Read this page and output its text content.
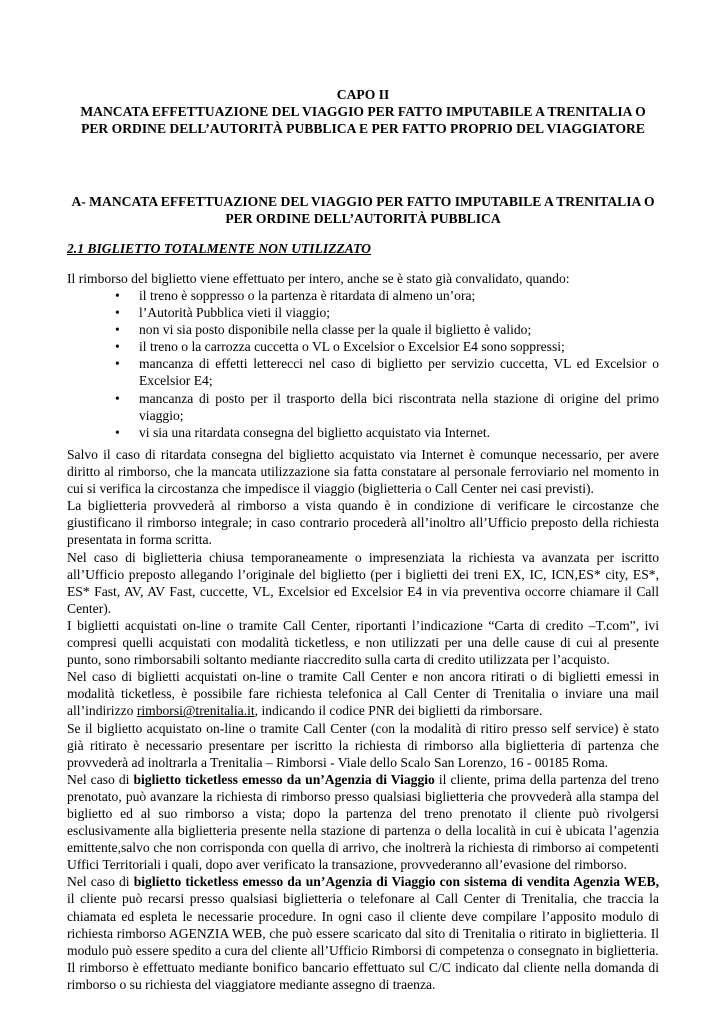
CAPO II
MANCATA EFFETTUAZIONE DEL VIAGGIO PER FATTO IMPUTABILE A TRENITALIA O PER ORDINE DELL’AUTORITÀ PUBBLICA E PER FATTO PROPRIO DEL VIAGGIATORE
A- MANCATA EFFETTUAZIONE DEL VIAGGIO PER FATTO IMPUTABILE A TRENITALIA O PER ORDINE DELL’AUTORITÀ PUBBLICA
2.1 BIGLIETTO TOTALMENTE NON UTILIZZATO
Il rimborso del biglietto viene effettuato per intero, anche se è stato già convalidato, quando:
• il treno è soppresso o la partenza è ritardata di almeno un’ora;
• l’Autorità Pubblica vieti il viaggio;
• non vi sia posto disponibile nella classe per la quale il biglietto è valido;
• il treno o la carrozza cuccetta o VL o Excelsior o Excelsior E4 sono soppressi;
• mancanza di effetti letterecci nel caso di biglietto per servizio cuccetta, VL ed Excelsior o Excelsior E4;
• mancanza di posto per il trasporto della bici riscontrata nella stazione di origine del primo viaggio;
• vi sia una ritardata consegna del biglietto acquistato via Internet.

Salvo il caso di ritardata consegna del biglietto acquistato via Internet è comunque necessario, per avere diritto al rimborso, che la mancata utilizzazione sia fatta constatare al personale ferroviario nel momento in cui si verifica la circostanza che impedisce il viaggio (biglietteria o Call Center nei casi previsti).

La biglietteria provvederà al rimborso a vista quando è in condizione di verificare le circostanze che giustificano il rimborso integrale; in caso contrario procederà all’inoltro all’Ufficio preposto della richiesta presentata in forma scritta.

Nel caso di biglietteria chiusa temporaneamente o impresenziata la richiesta va avanzata per iscritto all’Ufficio preposto allegando l’originale del biglietto (per i biglietti dei treni EX, IC, ICN,ES* city, ES*, ES* Fast, AV, AV Fast, cuccette, VL, Excelsior ed Excelsior E4 in via preventiva occorre chiamare il Call Center).

I biglietti acquistati on-line o tramite Call Center, riportanti l’indicazione “Carta di credito –T.com”, ivi compresi quelli acquistati con modalità ticketless, e non utilizzati per una delle cause di cui al presente punto, sono rimborsabili soltanto mediante riaccredito sulla carta di credito utilizzata per l’acquisto.

Nel caso di biglietti acquistati on-line o tramite Call Center e non ancora ritirati o di biglietti emessi in modalità ticketless, è possibile fare richiesta telefonica al Call Center di Trenitalia o inviare una mail all’indirizzo rimborsi@trenitalia.it, indicando il codice PNR dei biglietti da rimborsare.

Se il biglietto acquistato on-line o tramite Call Center (con la modalità di ritiro presso self service) è stato già ritirato è necessario presentare per iscritto la richiesta di rimborso alla biglietteria di partenza che provvederà ad inoltrarla a Trenitalia – Rimborsi - Viale dello Scalo San Lorenzo, 16 - 00185 Roma.

Nel caso di biglietto ticketless emesso da un’Agenzia di Viaggio il cliente, prima della partenza del treno prenotato, può avanzare la richiesta di rimborso presso qualsiasi biglietteria che provvederà alla stampa del biglietto ed al suo rimborso a vista; dopo la partenza del treno prenotato il cliente può rivolgersi esclusivamente alla biglietteria presente nella stazione di partenza o della località in cui è ubicata l’agenzia emittente,salvo che non corrisponda con quella di arrivo, che inoltrerà la richiesta di rimborso ai competenti Uffici Territoriali i quali, dopo aver verificato la transazione, provvederanno all’evasione del rimborso.

Nel caso di biglietto ticketless emesso da un’Agenzia di Viaggio con sistema di vendita Agenzia WEB, il cliente può recarsi presso qualsiasi biglietteria o telefonare al Call Center di Trenitalia, che traccia la chiamata ed espleta le necessarie procedure. In ogni caso il cliente deve compilare l’apposito modulo di richiesta rimborso AGENZIA WEB, che può essere scaricato dal sito di Trenitalia o ritirato in biglietteria. Il modulo può essere spedito a cura del cliente all’Ufficio Rimborsi di competenza o consegnato in biglietteria.

Il rimborso è effettuato mediante bonifico bancario effettuato sul C/C indicato dal cliente nella domanda di rimborso o su richiesta del viaggiatore mediante assegno di traenza.
